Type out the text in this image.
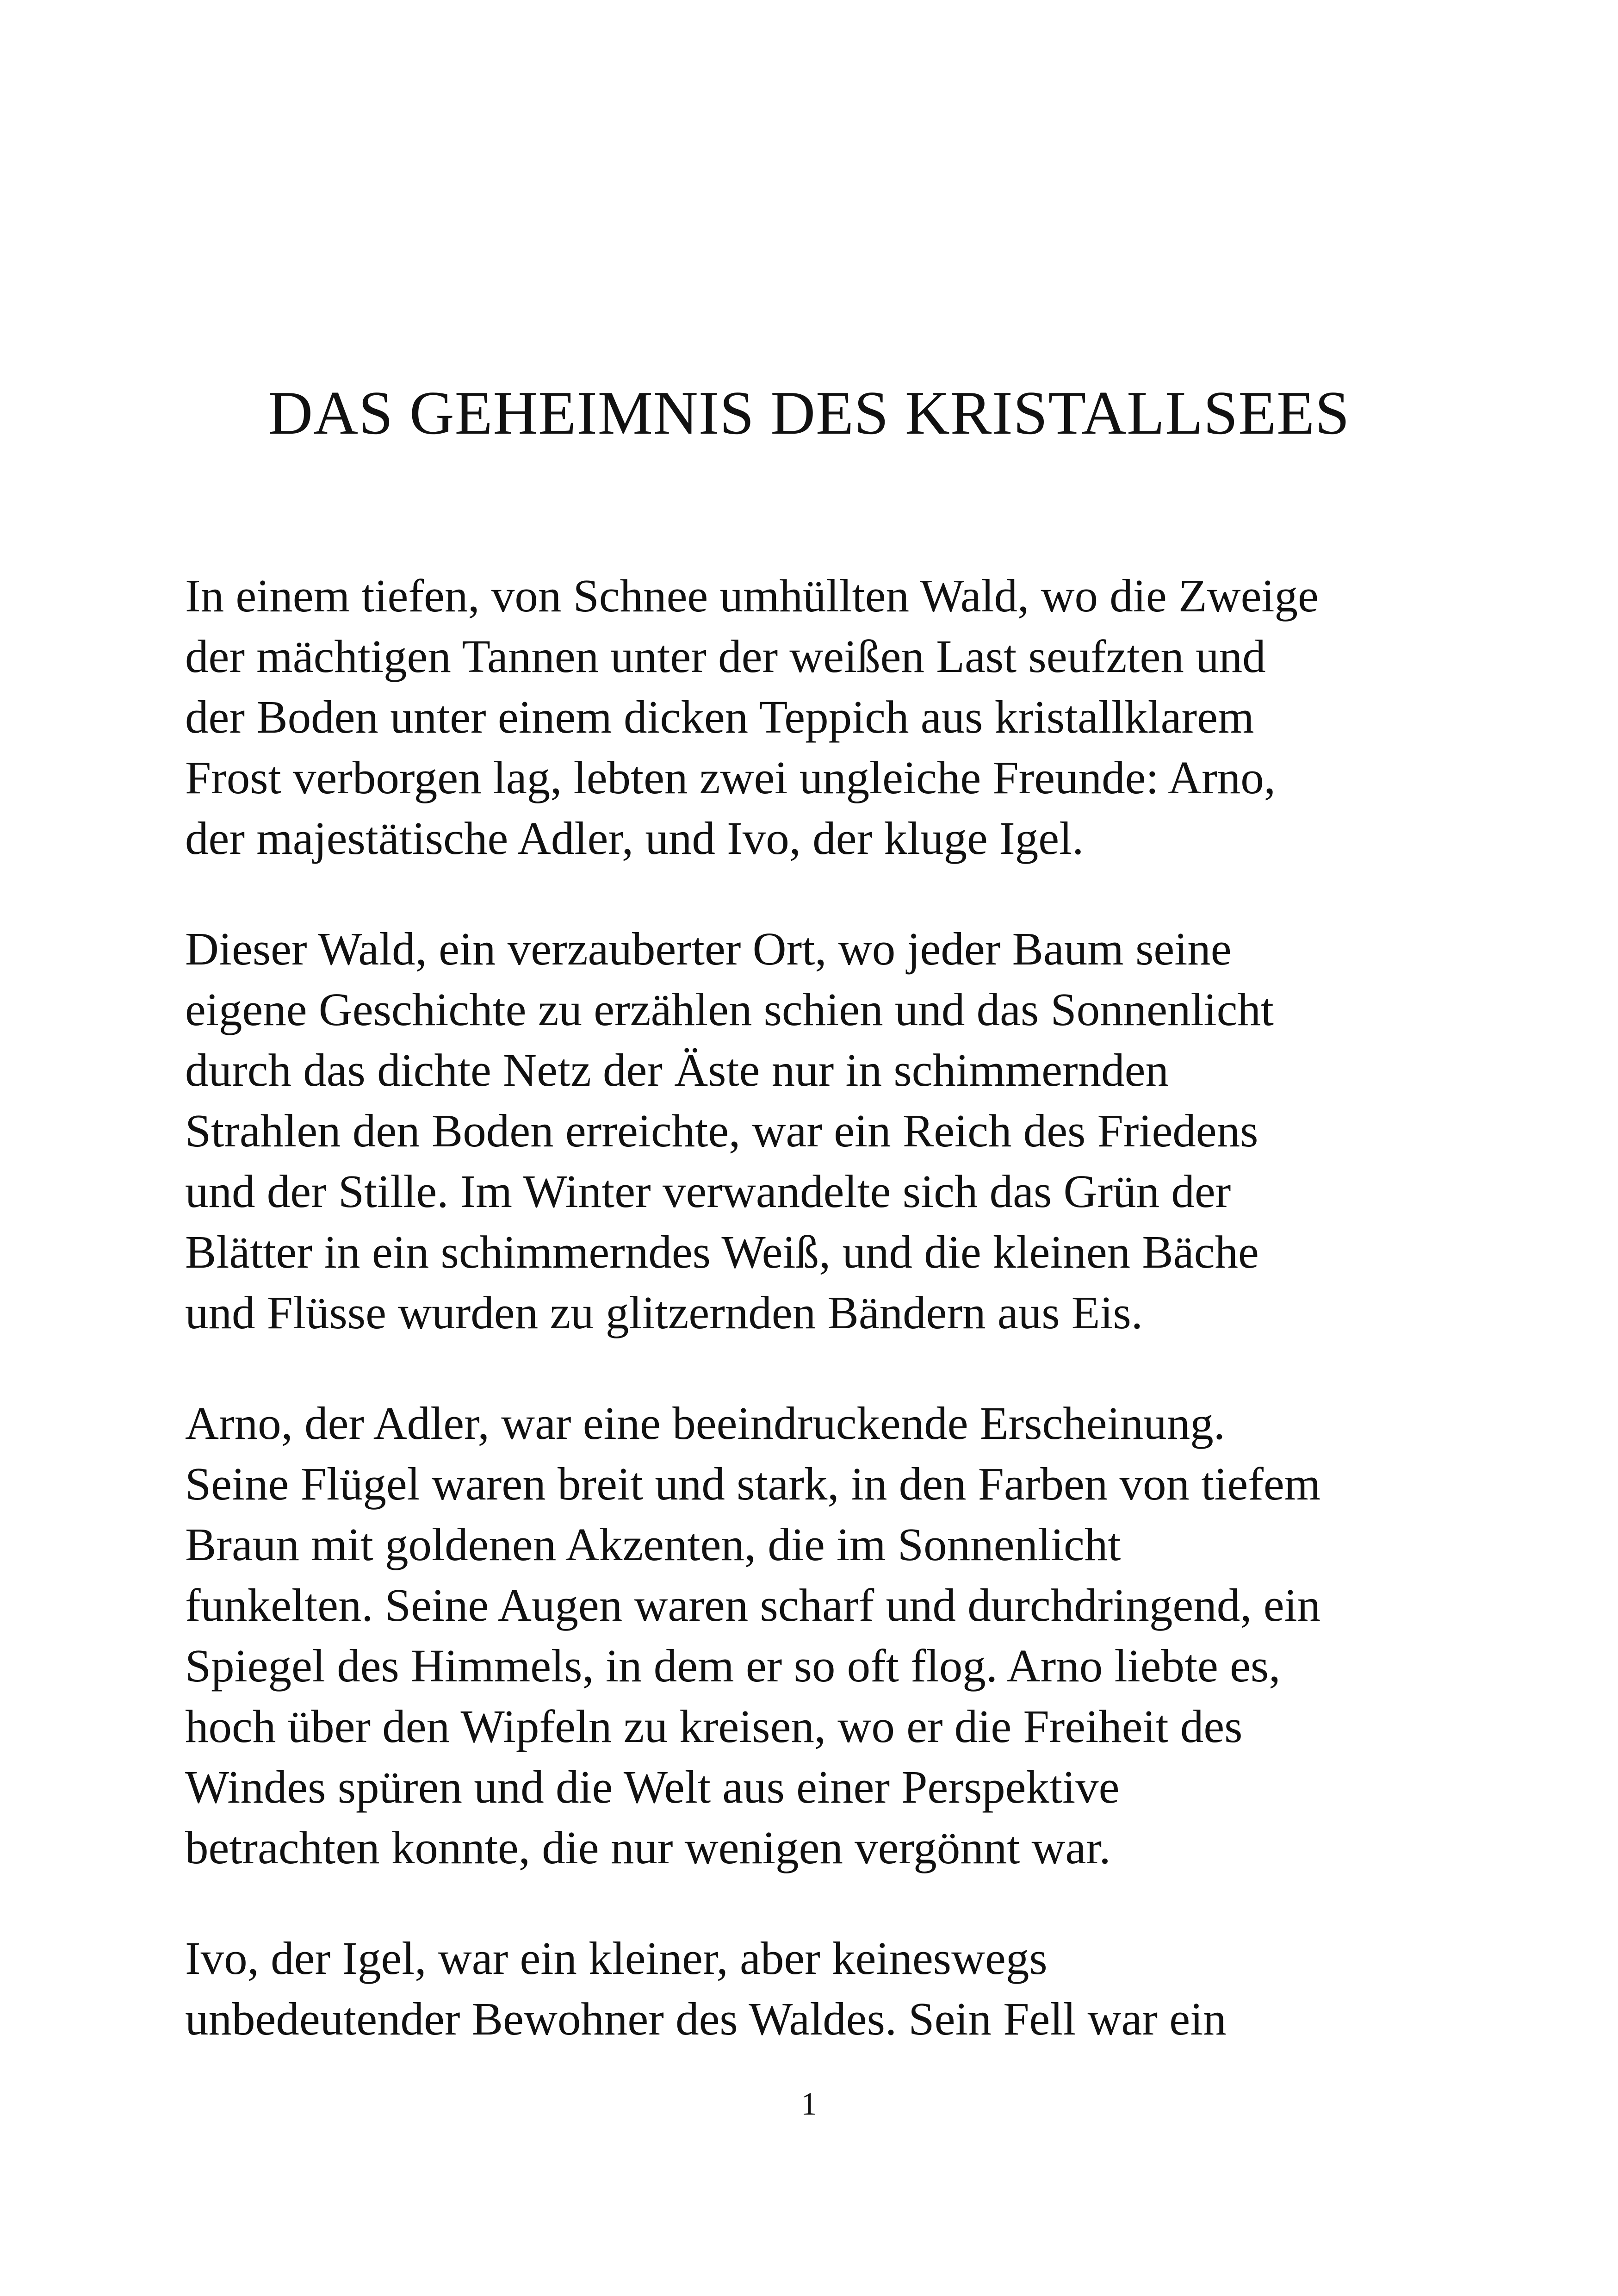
DAS GEHEIMNIS DES KRISTALLSEES

In einem tiefen, von Schnee umhüllten Wald, wo die Zweige
der mächtigen Tannen unter der weißen Last seufzten und
der Boden unter einem dicken Teppich aus kristallklarem
Frost verborgen lag, lebten zwei ungleiche Freunde: Arno,
der majestätische Adler, und Ivo, der kluge Igel.

Dieser Wald, ein verzauberter Ort, wo jeder Baum seine
eigene Geschichte zu erzählen schien und das Sonnenlicht
durch das dichte Netz der Äste nur in schimmernden
Strahlen den Boden erreichte, war ein Reich des Friedens
und der Stille. Im Winter verwandelte sich das Grün der
Blätter in ein schimmerndes Weiß, und die kleinen Bäche
und Flüsse wurden zu glitzernden Bändern aus Eis.

Arno, der Adler, war eine beeindruckende Erscheinung.
Seine Flügel waren breit und stark, in den Farben von tiefem
Braun mit goldenen Akzenten, die im Sonnenlicht
funkelten. Seine Augen waren scharf und durchdringend, ein
Spiegel des Himmels, in dem er so oft flog. Arno liebte es,
hoch über den Wipfeln zu kreisen, wo er die Freiheit des
Windes spüren und die Welt aus einer Perspektive
betrachten konnte, die nur wenigen vergönnt war.

Ivo, der Igel, war ein kleiner, aber keineswegs
unbedeutender Bewohner des Waldes. Sein Fell war ein

1
